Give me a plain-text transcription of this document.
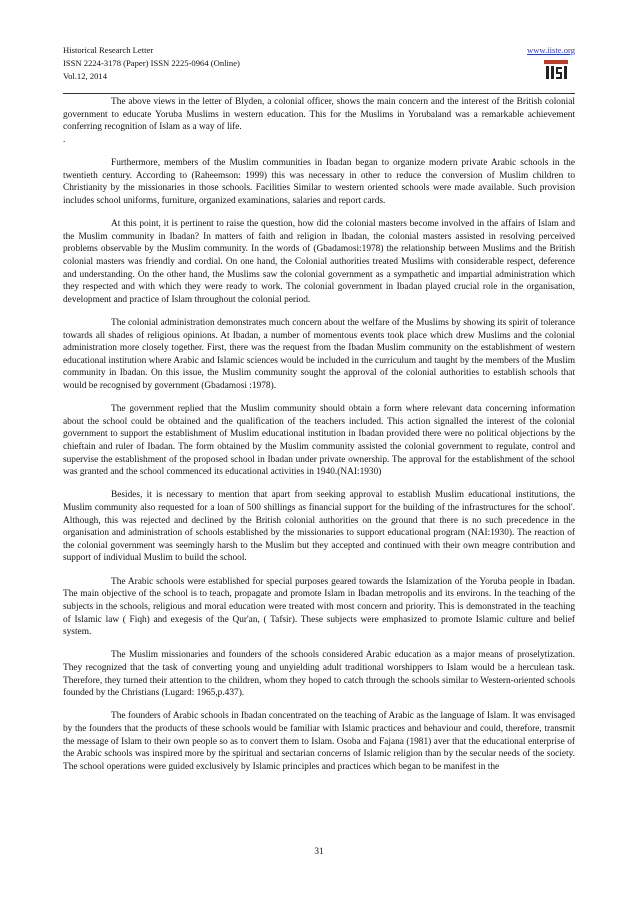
Historical Research Letter

ISSN 2224-3178 (Paper) ISSN 2225-0964 (Online)

Vol.12, 2014

www.iiste.org

The above views in the letter of Blyden, a colonial officer, shows the main concern and the interest of the British colonial government to educate Yoruba Muslims in western education. This for the Muslims in Yorubaland was a remarkable achievement conferring recognition of Islam as a way of life.

.

Furthermore, members of the Muslim communities in Ibadan began to organize modern private Arabic schools in the twentieth century. According to (Raheemson: 1999) this was necessary in other to reduce the conversion of Muslim children to Christianity by the missionaries in those schools. Facilities Similar to western oriented schools were made available. Such provision includes school uniforms, furniture, organized examinations, salaries and report cards.

At this point, it is pertinent to raise the question, how did the colonial masters become involved in the affairs of Islam and the Muslim community in Ibadan? In matters of faith and religion in Ibadan, the colonial masters assisted in resolving perceived problems observable by the Muslim community. In the words of (Gbadamosi:1978) the relationship between Muslims and the British colonial masters was friendly and cordial. On one hand, the Colonial authorities treated Muslims with considerable respect, deference and understanding. On the other hand, the Muslims saw the colonial government as a sympathetic and impartial administration which they respected and with which they were ready to work. The colonial government in Ibadan played crucial role in the organisation, development and practice of Islam throughout the colonial period.

The colonial administration demonstrates much concern about the welfare of the Muslims by showing its spirit of tolerance towards all shades of religious opinions. At Ibadan, a number of momentous events took place which drew Muslims and the colonial administration more closely together. First, there was the request from the Ibadan Muslim community on the establishment of western educational institution where Arabic and Islamic sciences would be included in the curriculum and taught by the members of the Muslim community in Ibadan. On this issue, the Muslim community sought the approval of the colonial authorities to establish schools that would be recognised by government (Gbadamosi :1978).

The government replied that the Muslim community should obtain a form where relevant data concerning information about the school could be obtained and the qualification of the teachers included. This action signalled the interest of the colonial government to support the establishment of Muslim educational institution in Ibadan provided there were no political objections by the chieftain and ruler of Ibadan. The form obtained by the Muslim community assisted the colonial government to regulate, control and supervise the establishment of the proposed school in Ibadan under private ownership. The approval for the establishment of the school was granted and the school commenced its educational activities in 1940.(NAI:1930)

Besides, it is necessary to mention that apart from seeking approval to establish Muslim educational institutions, the Muslim community also requested for a loan of 500 shillings as financial support for the building of the infrastructures for the school'. Although, this was rejected and declined by the British colonial authorities on the ground that there is no such precedence in the organisation and administration of schools established by the missionaries to support educational program (NAI:1930). The reaction of the colonial government was seemingly harsh to the Muslim but they accepted and continued with their own meagre contribution and support of individual Muslim to build the school.

The Arabic schools were established for special purposes geared towards the Islamization of the Yoruba people in Ibadan. The main objective of the school is to teach, propagate and promote Islam in Ibadan metropolis and its environs. In the teaching of the subjects in the schools, religious and moral education were treated with most concern and priority. This is demonstrated in the teaching of Islamic law ( Fiqh) and exegesis of the Qur'an, ( Tafsir). These subjects were emphasized to promote Islamic culture and belief system.

The Muslim missionaries and founders of the schools considered Arabic education as a major means of proselytization. They recognized that the task of converting young and unyielding adult traditional worshippers to Islam would be a herculean task. Therefore, they turned their attention to the children, whom they hoped to catch through the schools similar to Western-oriented schools founded by the Christians (Lugard: 1965,p.437).

The founders of Arabic schools in Ibadan concentrated on the teaching of Arabic as the language of Islam. It was envisaged by the founders that the products of these schools would be familiar with Islamic practices and behaviour and could, therefore, transmit the message of Islam to their own people so as to convert them to Islam. Osoba and Fajana (1981) aver that the educational enterprise of the Arabic schools was inspired more by the spiritual and sectarian concerns of Islamic religion than by the secular needs of the society. The school operations were guided exclusively by Islamic principles and practices which began to be manifest in the

31
